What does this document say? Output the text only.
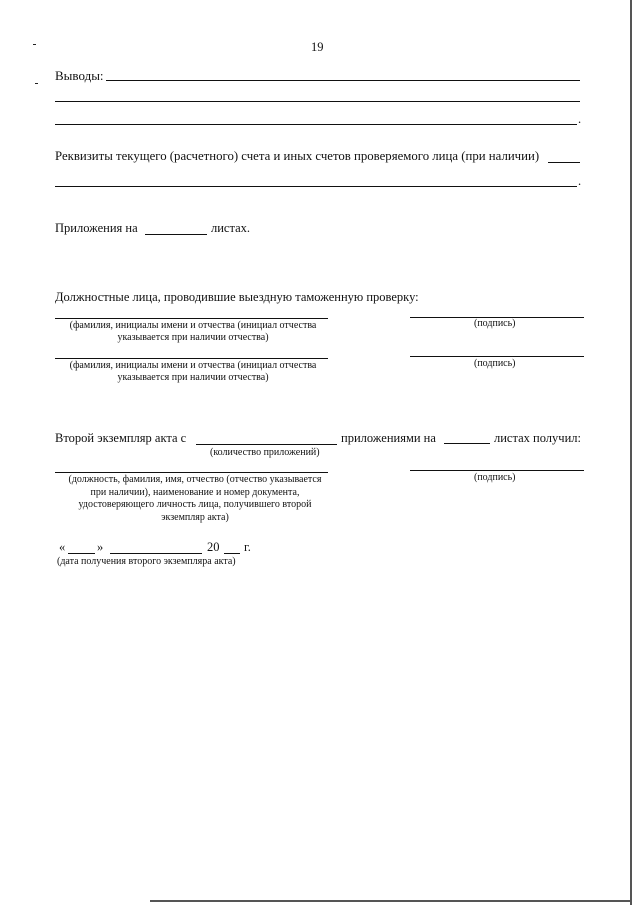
19
Выводы:
.
Реквизиты текущего (расчетного) счета и иных счетов проверяемого лица (при наличии)
.
Приложения на	листах.
Должностные лица, проводившие выездную таможенную проверку:
(фамилия, инициалы имени и отчества (инициал отчества указывается при наличии отчества)
(подпись)
(фамилия, инициалы имени и отчества (инициал отчества указывается при наличии отчества)
(подпись)
Второй экземпляр акта с
(количество приложений)
приложениями на	листах получил:
(должность, фамилия, имя, отчество (отчество указывается при наличии), наименование и номер документа, удостоверяющего личность лица, получившего второй экземпляр акта)
(подпись)
«	»	20 г.
(дата получения второго экземпляра акта)
